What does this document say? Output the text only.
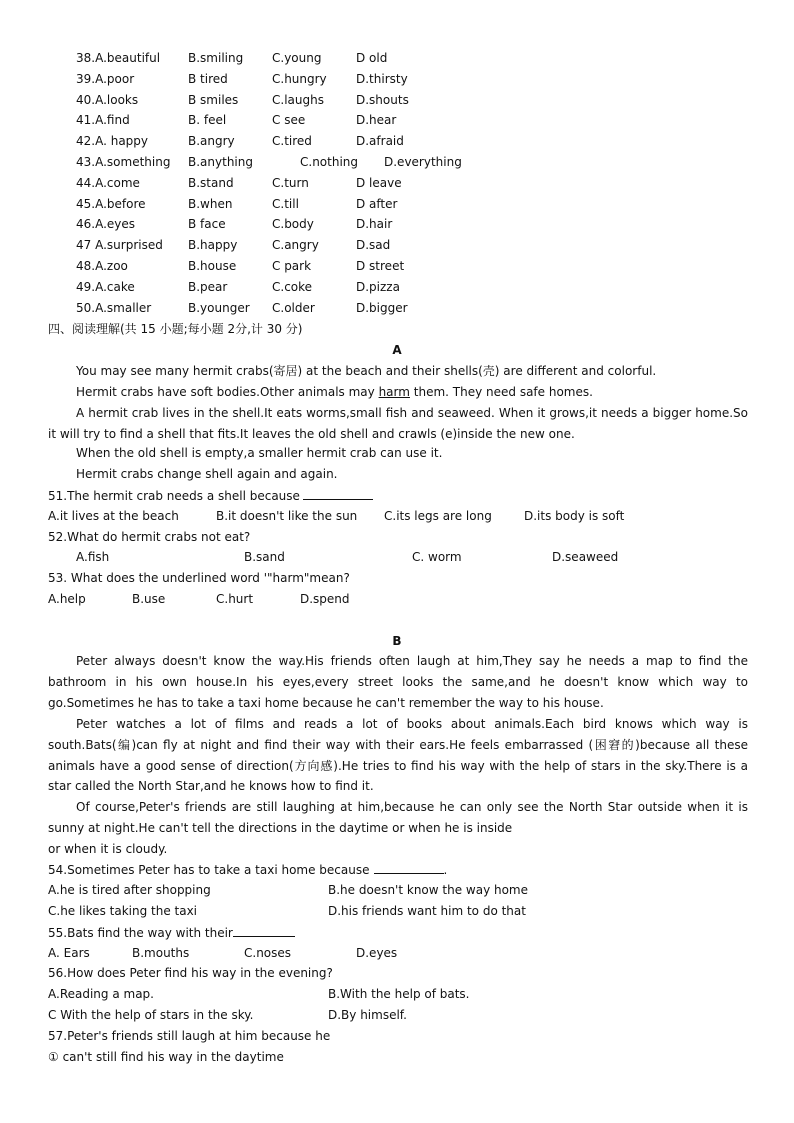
38.A.beautiful B.smiling C.young	D old
39.A.poor	B tired	C.hungry D.thirsty
40.A.looks	B smiles	C.laughs	D.shouts
41.A.find	B. feel	C see	D.hear
42.A. happy	B.angry	C.tired	D.afraid
43.A.something B.anything	C.nothing D.everything
44.A.come	B.stand	C.turn	D leave
45.A.before	B.when	C.till	D after
46.A.eyes	B face	C.body	D.hair
47 A.surprised B.happy	C.angry	D.sad
48.A.zoo	B.house	C park	D street
49.A.cake	B.pear	C.coke	D.pizza
50.A.smaller	B.younger C.older	D.bigger
四、阅读理解(共 15 小题;每小题 2分,计 30 分)
A
You may see many hermit crabs(寄居) at the beach and their shells(壳) are different and colorful.
Hermit crabs have soft bodies.Other animals may harm them. They need safe homes.
A hermit crab lives in the shell.It eats worms,small fish and seaweed. When it grows,it needs a bigger home.So it will try to find a shell that fits.It leaves the old shell and crawls (e)inside the new one.
When the old shell is empty,a smaller hermit crab can use it.
Hermit crabs change shell again and again.
51.The hermit crab needs a shell because
A.it lives at the beach	B.it doesn't like the sun C.its legs are long	D.its body is soft
52.What do hermit crabs not eat?
A.fish	B.sand	C. worm	D.seaweed
53. What does the underlined word '"harm"mean?
A.help	B.use	C.hurt	D.spend
B
Peter always doesn't know the way.His friends often laugh at him,They say he needs a map to find the bathroom in his own house.In his eyes,every street looks the same,and he doesn't know which way to go.Sometimes he has to take a taxi home because he can't remember the way to his house.
Peter watches a lot of films and reads a lot of books about animals.Each bird knows which way is south.Bats(编)can fly at night and find their way with their ears.He feels embarrassed (困窘的)because all these animals have a good sense of direction(方向感).He tries to find his way with the help of stars in the sky.There is a star called the North Star,and he knows how to find it.
Of course,Peter's friends are still laughing at him,because he can only see the North Star outside when it is sunny at night.He can't tell the directions in the daytime or when he is inside
or when it is cloudy.
54.Sometimes Peter has to take a taxi home because	.
A.he is tired after shopping	B.he doesn't know the way home
C.he likes taking the taxi	D.his friends want him to do that
55.Bats find the way with their
A. Ears	B.mouths	C.noses	D.eyes
56.How does Peter find his way in the evening?
A.Reading a map.	B.With the help of bats.
C With the help of stars in the sky.	D.By himself.
57.Peter's friends still laugh at him because he
① can't still find his way in the daytime
